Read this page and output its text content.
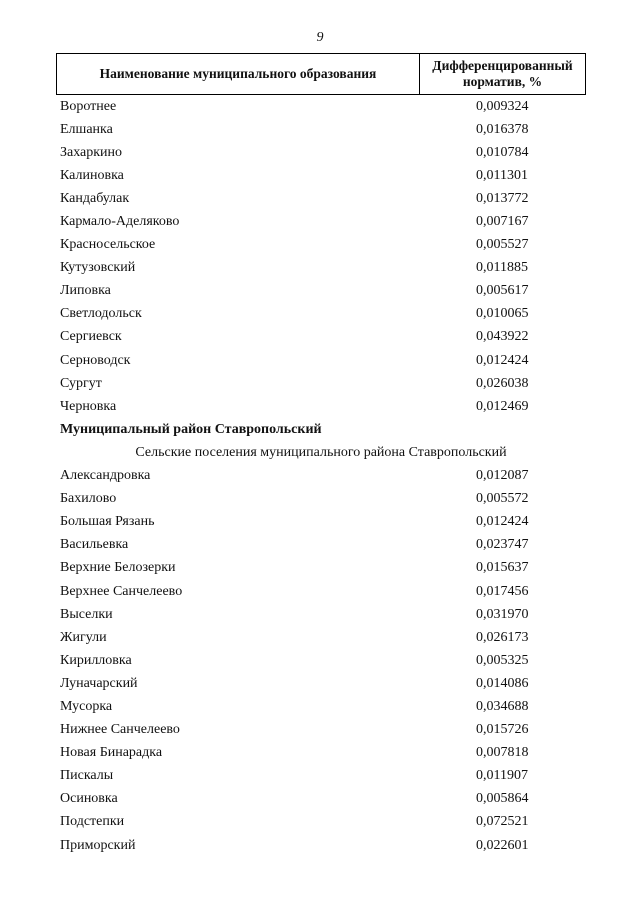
9
Наименование муниципального образования
Дифференцированный
норматив, %
Воротнее	0,009324
Елшанка	0,016378
Захаркино	0,010784
Калиновка	0,011301
Кандабулак	0,013772
Кармало-Аделяково	0,007167
Красносельское	0,005527
Кутузовский	0,011885
Липовка	0,005617
Светлодольск	0,010065
Сергиевск	0,043922
Серноводск	0,012424
Сургут	0,026038
Черновка	0,012469
Муниципальный район Ставропольский
Сельские поселения муниципального района Ставропольский
Александровка	0,012087
Бахилово	0,005572
Большая Рязань	0,012424
Васильевка	0,023747
Верхние Белозерки	0,015637
Верхнее Санчелеево	0,017456
Выселки	0,031970
Жигули	0,026173
Кирилловка	0,005325
Луначарский	0,014086
Мусорка	0,034688
Нижнее Санчелеево	0,015726
Новая Бинарадка	0,007818
Пискалы	0,011907
Осиновка	0,005864
Подстепки	0,072521
Приморский	0,022601
